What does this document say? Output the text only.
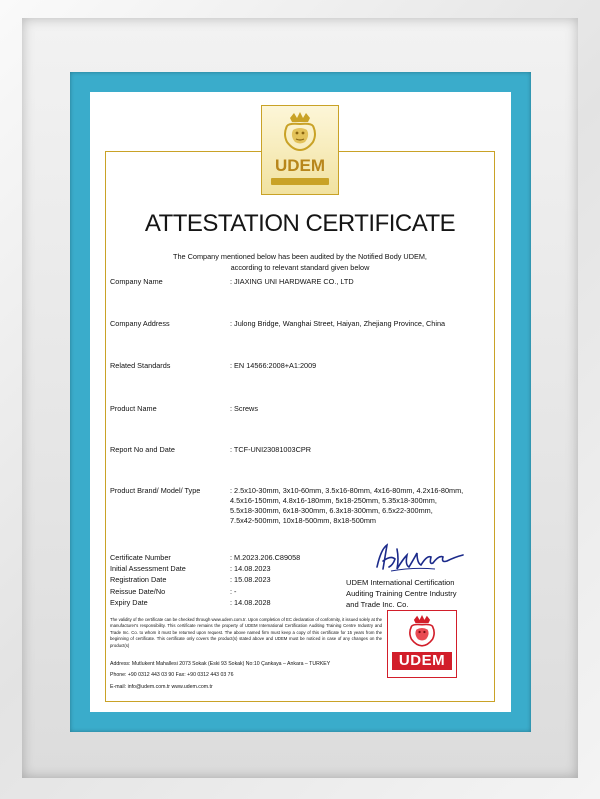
UDEM
ATTESTATION CERTIFICATE
The Company mentioned below has been audited by the Notified Body UDEM,
according to relevant standard given below
Company Name	: JIAXING UNI HARDWARE CO., LTD
Company Address	: Julong Bridge, Wanghai Street, Haiyan, Zhejiang Province, China
Related Standards	: EN 14566:2008+A1:2009
Product Name	: Screws
Report No and Date	: TCF-UNI23081003CPR
Product Brand/ Model/ Type	: 2.5x10-30mm, 3x10-60mm, 3.5x16-80mm, 4x16-80mm, 4.2x16-80mm,
4.5x16-150mm, 4.8x16-180mm, 5x18-250mm, 5.35x18-300mm,
5.5x18-300mm, 6x18-300mm, 6.3x18-300mm, 6.5x22-300mm,
7.5x42-500mm, 10x18-500mm, 8x18-500mm
Certificate Number	: M.2023.206.C89058
Initial Assessment Date	: 14.08.2023
Registration Date	: 15.08.2023
Reissue Date/No	: -
Expiry Date	: 14.08.2028
UDEM International Certification
Auditing Training Centre Industry
and Trade Inc. Co.
The validity of the certificate can be checked through www.udem.com.tr. Upon completion of EC declaration of conformity, it issued solely at the manufacturer's responsibility. This certificate remains the property of UDEM International Certification Auditing Training Centre Industry and Trade Inc. Co. to whom it must be returned upon request. The above named firm must keep a copy of this certificate for 15 years from the beginning of certificate. This certificate only covers the product(s) stated above and UDEM must be noticed in case of any changes on the product(s)
Address: Mutlukent Mahallesi 2073 Sokak (Eski 93 Sokak) No:10 Çankaya – Ankara – TURKEY
Phone: +90 0312 443 03 90 Fax: +90 0312 443 03 76
E-mail: info@udem.com.tr www.udem.com.tr
UDEM
